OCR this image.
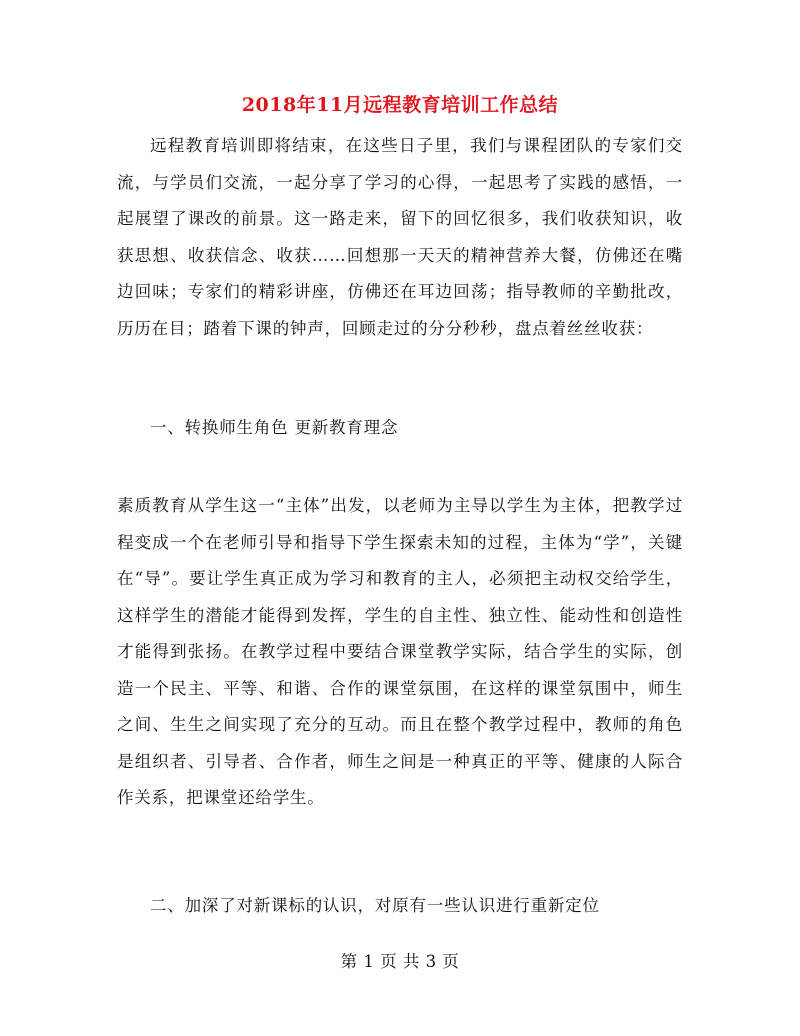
2018年11月远程教育培训工作总结
远程教育培训即将结束，在这些日子里，我们与课程团队的专家们交流，与学员们交流，一起分享了学习的心得，一起思考了实践的感悟，一起展望了课改的前景。这一路走来，留下的回忆很多，我们收获知识，收获思想、收获信念、收获……回想那一天天的精神营养大餐，仿佛还在嘴边回味；专家们的精彩讲座，仿佛还在耳边回荡；指导教师的辛勤批改，历历在目；踏着下课的钟声，回顾走过的分分秒秒，盘点着丝丝收获：
一、转换师生角色 更新教育理念
素质教育从学生这一“主体”出发，以老师为主导以学生为主体，把教学过程变成一个在老师引导和指导下学生探索未知的过程，主体为“学”，关键在“导”。要让学生真正成为学习和教育的主人，必须把主动权交给学生，这样学生的潜能才能得到发挥，学生的自主性、独立性、能动性和创造性才能得到张扬。在教学过程中要结合课堂教学实际，结合学生的实际，创造一个民主、平等、和谐、合作的课堂氛围，在这样的课堂氛围中，师生之间、生生之间实现了充分的互动。而且在整个教学过程中，教师的角色是组织者、引导者、合作者，师生之间是一种真正的平等、健康的人际合作关系，把课堂还给学生。
二、加深了对新课标的认识，对原有一些认识进行重新定位
第 1 页 共 3 页
